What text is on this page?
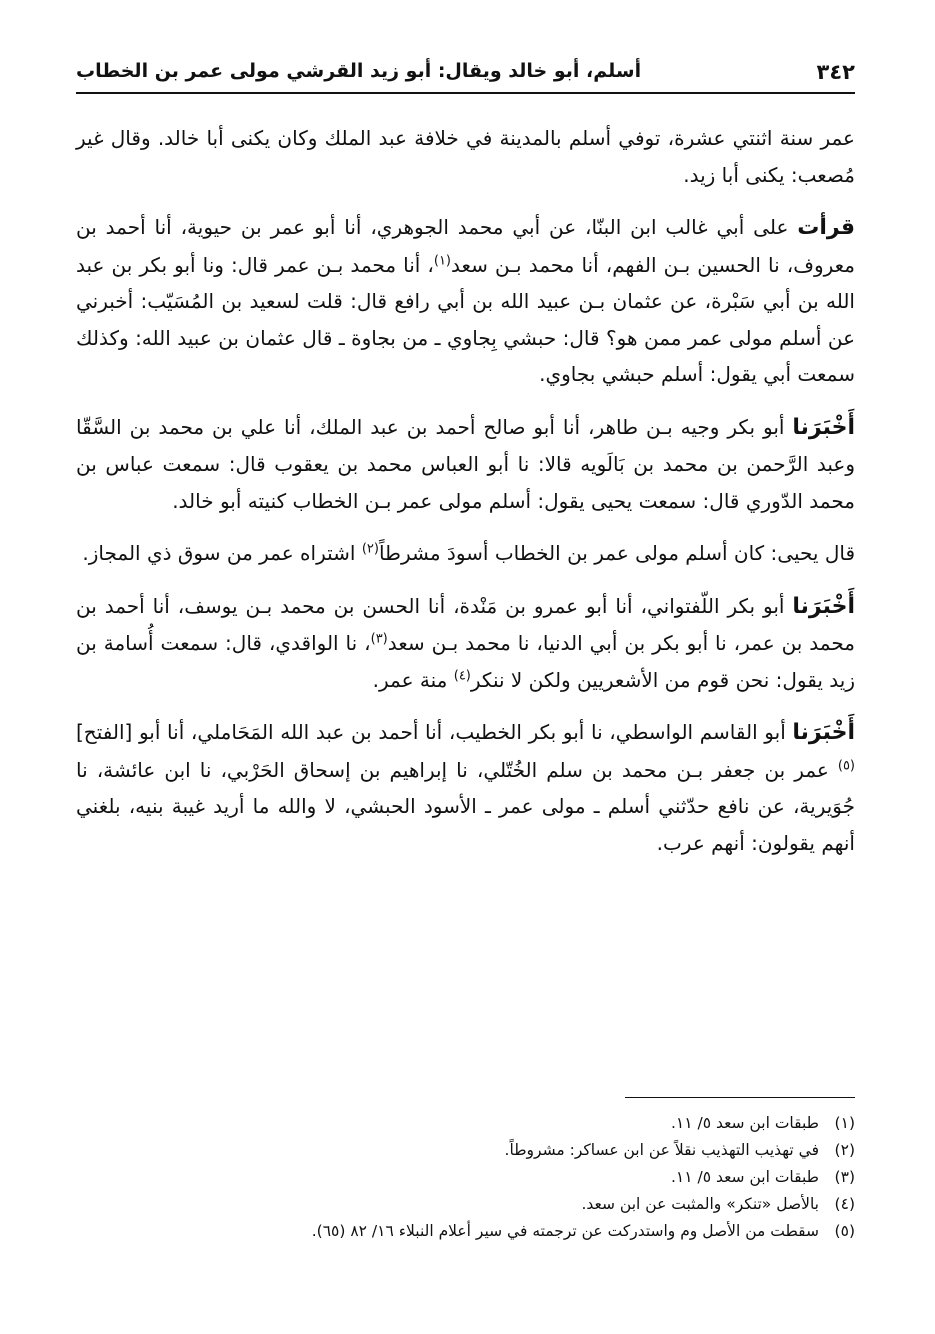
٣٤٢
أسلم، أبو خالد ويقال: أبو زيد القرشي مولى عمر بن الخطاب

عمر سنة اثنتي عشرة، توفي أسلم بالمدينة في خلافة عبد الملك وكان يكنى أبا خالد. وقال غير مُصعب: يكنى أبا زيد.

قرأت على أبي غالب ابن البنّا، عن أبي محمد الجوهري، أنا أبو عمر بن حيوية، أنا أحمد بن معروف، نا الحسين بـن الفهم، أنا محمد بـن سعد$^{(١)}$، أنا محمد بـن عمر قال: ونا أبو بكر بن عبد الله بن أبي سَبْرة، عن عثمان بـن عبيد الله بن أبي رافع قال: قلت لسعيد بن المُسَيّب: أخبرني عن أسلم مولى عمر ممن هو؟ قال: حبشي بِجاوي ـ من بجاوة ـ قال عثمان بن عبيد الله: وكذلك سمعت أبي يقول: أسلم حبشي بجاوي.

أَخْبَرَنا أبو بكر وجيه بـن طاهر، أنا أبو صالح أحمد بن عبد الملك، أنا علي بن محمد بن السَّقّا وعبد الرَّحمن بن محمد بن بَالَويه قالا: نا أبو العباس محمد بن يعقوب قال: سمعت عباس بن محمد الدّوري قال: سمعت يحيى يقول: أسلم مولى عمر بـن الخطاب كنيته أبو خالد.

قال يحيى: كان أسلم مولى عمر بن الخطاب أسودَ مشرطاً$^{(٢)}$ اشتراه عمر من سوق ذي المجاز.

أَخْبَرَنا أبو بكر اللّفتواني، أنا أبو عمرو بن مَنْدة، أنا الحسن بن محمد بـن يوسف، أنا أحمد بن محمد بن عمر، نا أبو بكر بن أبي الدنيا، نا محمد بـن سعد$^{(٣)}$، نا الواقدي، قال: سمعت أُسامة بن زيد يقول: نحن قوم من الأشعريين ولكن لا ننكر$^{(٤)}$ منة عمر.

أَخْبَرَنا أبو القاسم الواسطي، نا أبو بكر الخطيب، أنا أحمد بن عبد الله المَحَاملي، أنا أبو [الفتح]$^{(٥)}$ عمر بن جعفر بـن محمد بن سلم الخُتّلي، نا إبراهيم بن إسحاق الحَرْبي، نا ابن عائشة، نا جُوَيرية، عن نافع حدّثني أسلم ـ مولى عمر ـ الأسود الحبشي، لا والله ما أريد غيبة بنيه، بلغني أنهم يقولون: أنهم عرب.

(١)طبقات ابن سعد ٥/ ١١.
(٢)في تهذيب التهذيب نقلاً عن ابن عساكر: مشروطاً.
(٣)طبقات ابن سعد ٥/ ١١.
(٤)بالأصل «تنكر» والمثبت عن ابن سعد.
(٥)سقطت من الأصل وم واستدركت عن ترجمته في سير أعلام النبلاء ١٦/ ٨٢ (٦٥).
